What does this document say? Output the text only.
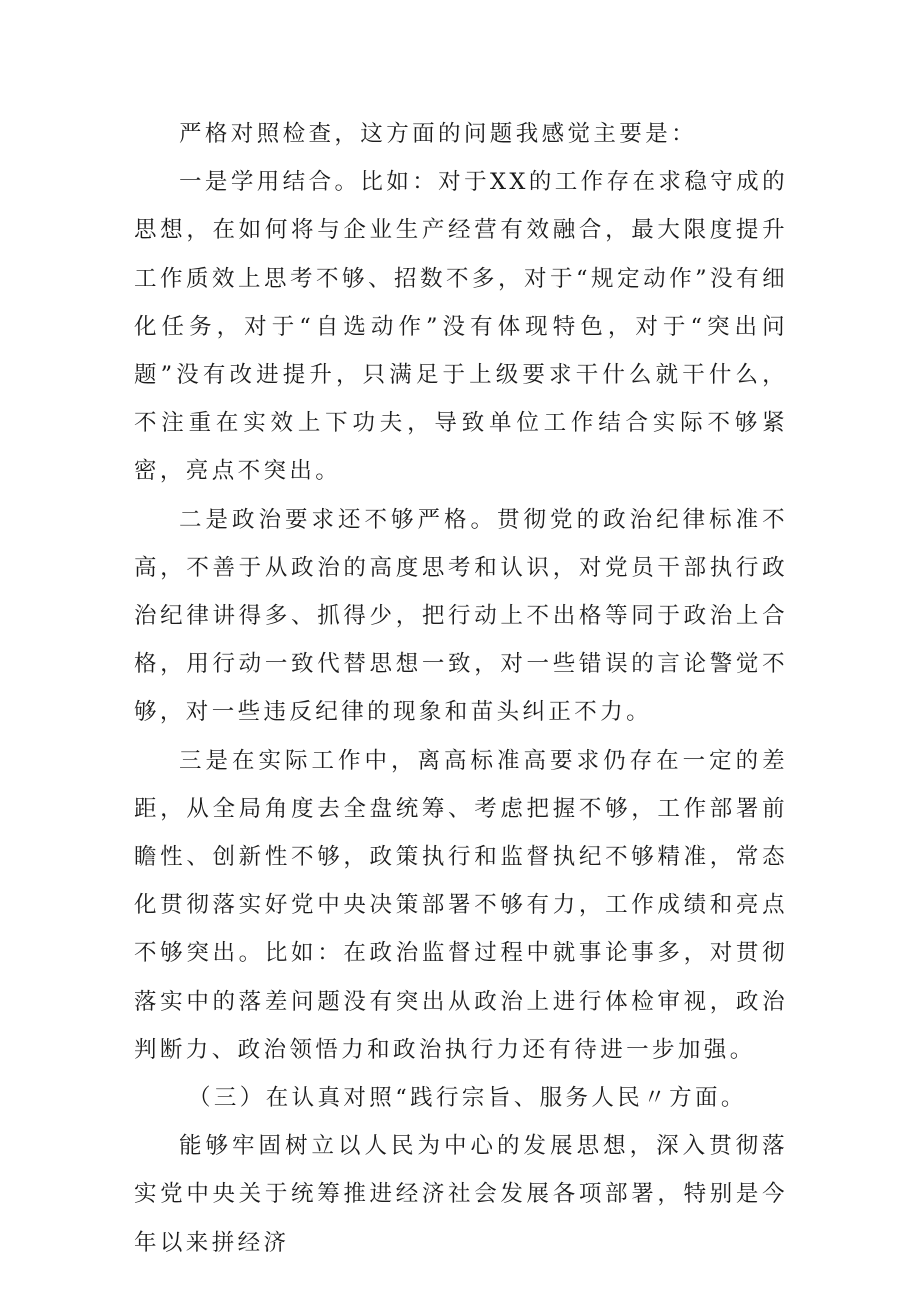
严格对照检查，这方面的问题我感觉主要是：

一是学用结合。比如：对于XX的工作存在求稳守成的思想，在如何将与企业生产经营有效融合，最大限度提升工作质效上思考不够、招数不多，对于“规定动作”没有细化任务，对于“自选动作”没有体现特色，对于“突出问题”没有改进提升，只满足于上级要求干什么就干什么，不注重在实效上下功夫，导致单位工作结合实际不够紧密，亮点不突出。

二是政治要求还不够严格。贯彻党的政治纪律标准不高，不善于从政治的高度思考和认识，对党员干部执行政治纪律讲得多、抓得少，把行动上不出格等同于政治上合格，用行动一致代替思想一致，对一些错误的言论警觉不够，对一些违反纪律的现象和苗头纠正不力。

三是在实际工作中，离高标准高要求仍存在一定的差距，从全局角度去全盘统筹、考虑把握不够，工作部署前瞻性、创新性不够，政策执行和监督执纪不够精准，常态化贯彻落实好党中央决策部署不够有力，工作成绩和亮点不够突出。比如：在政治监督过程中就事论事多，对贯彻落实中的落差问题没有突出从政治上进行体检审视，政治判断力、政治领悟力和政治执行力还有待进一步加强。

（三）在认真对照“践行宗旨、服务人民〃方面。

能够牢固树立以人民为中心的发展思想，深入贯彻落实党中央关于统筹推进经济社会发展各项部署，特别是今年以来拼经济
